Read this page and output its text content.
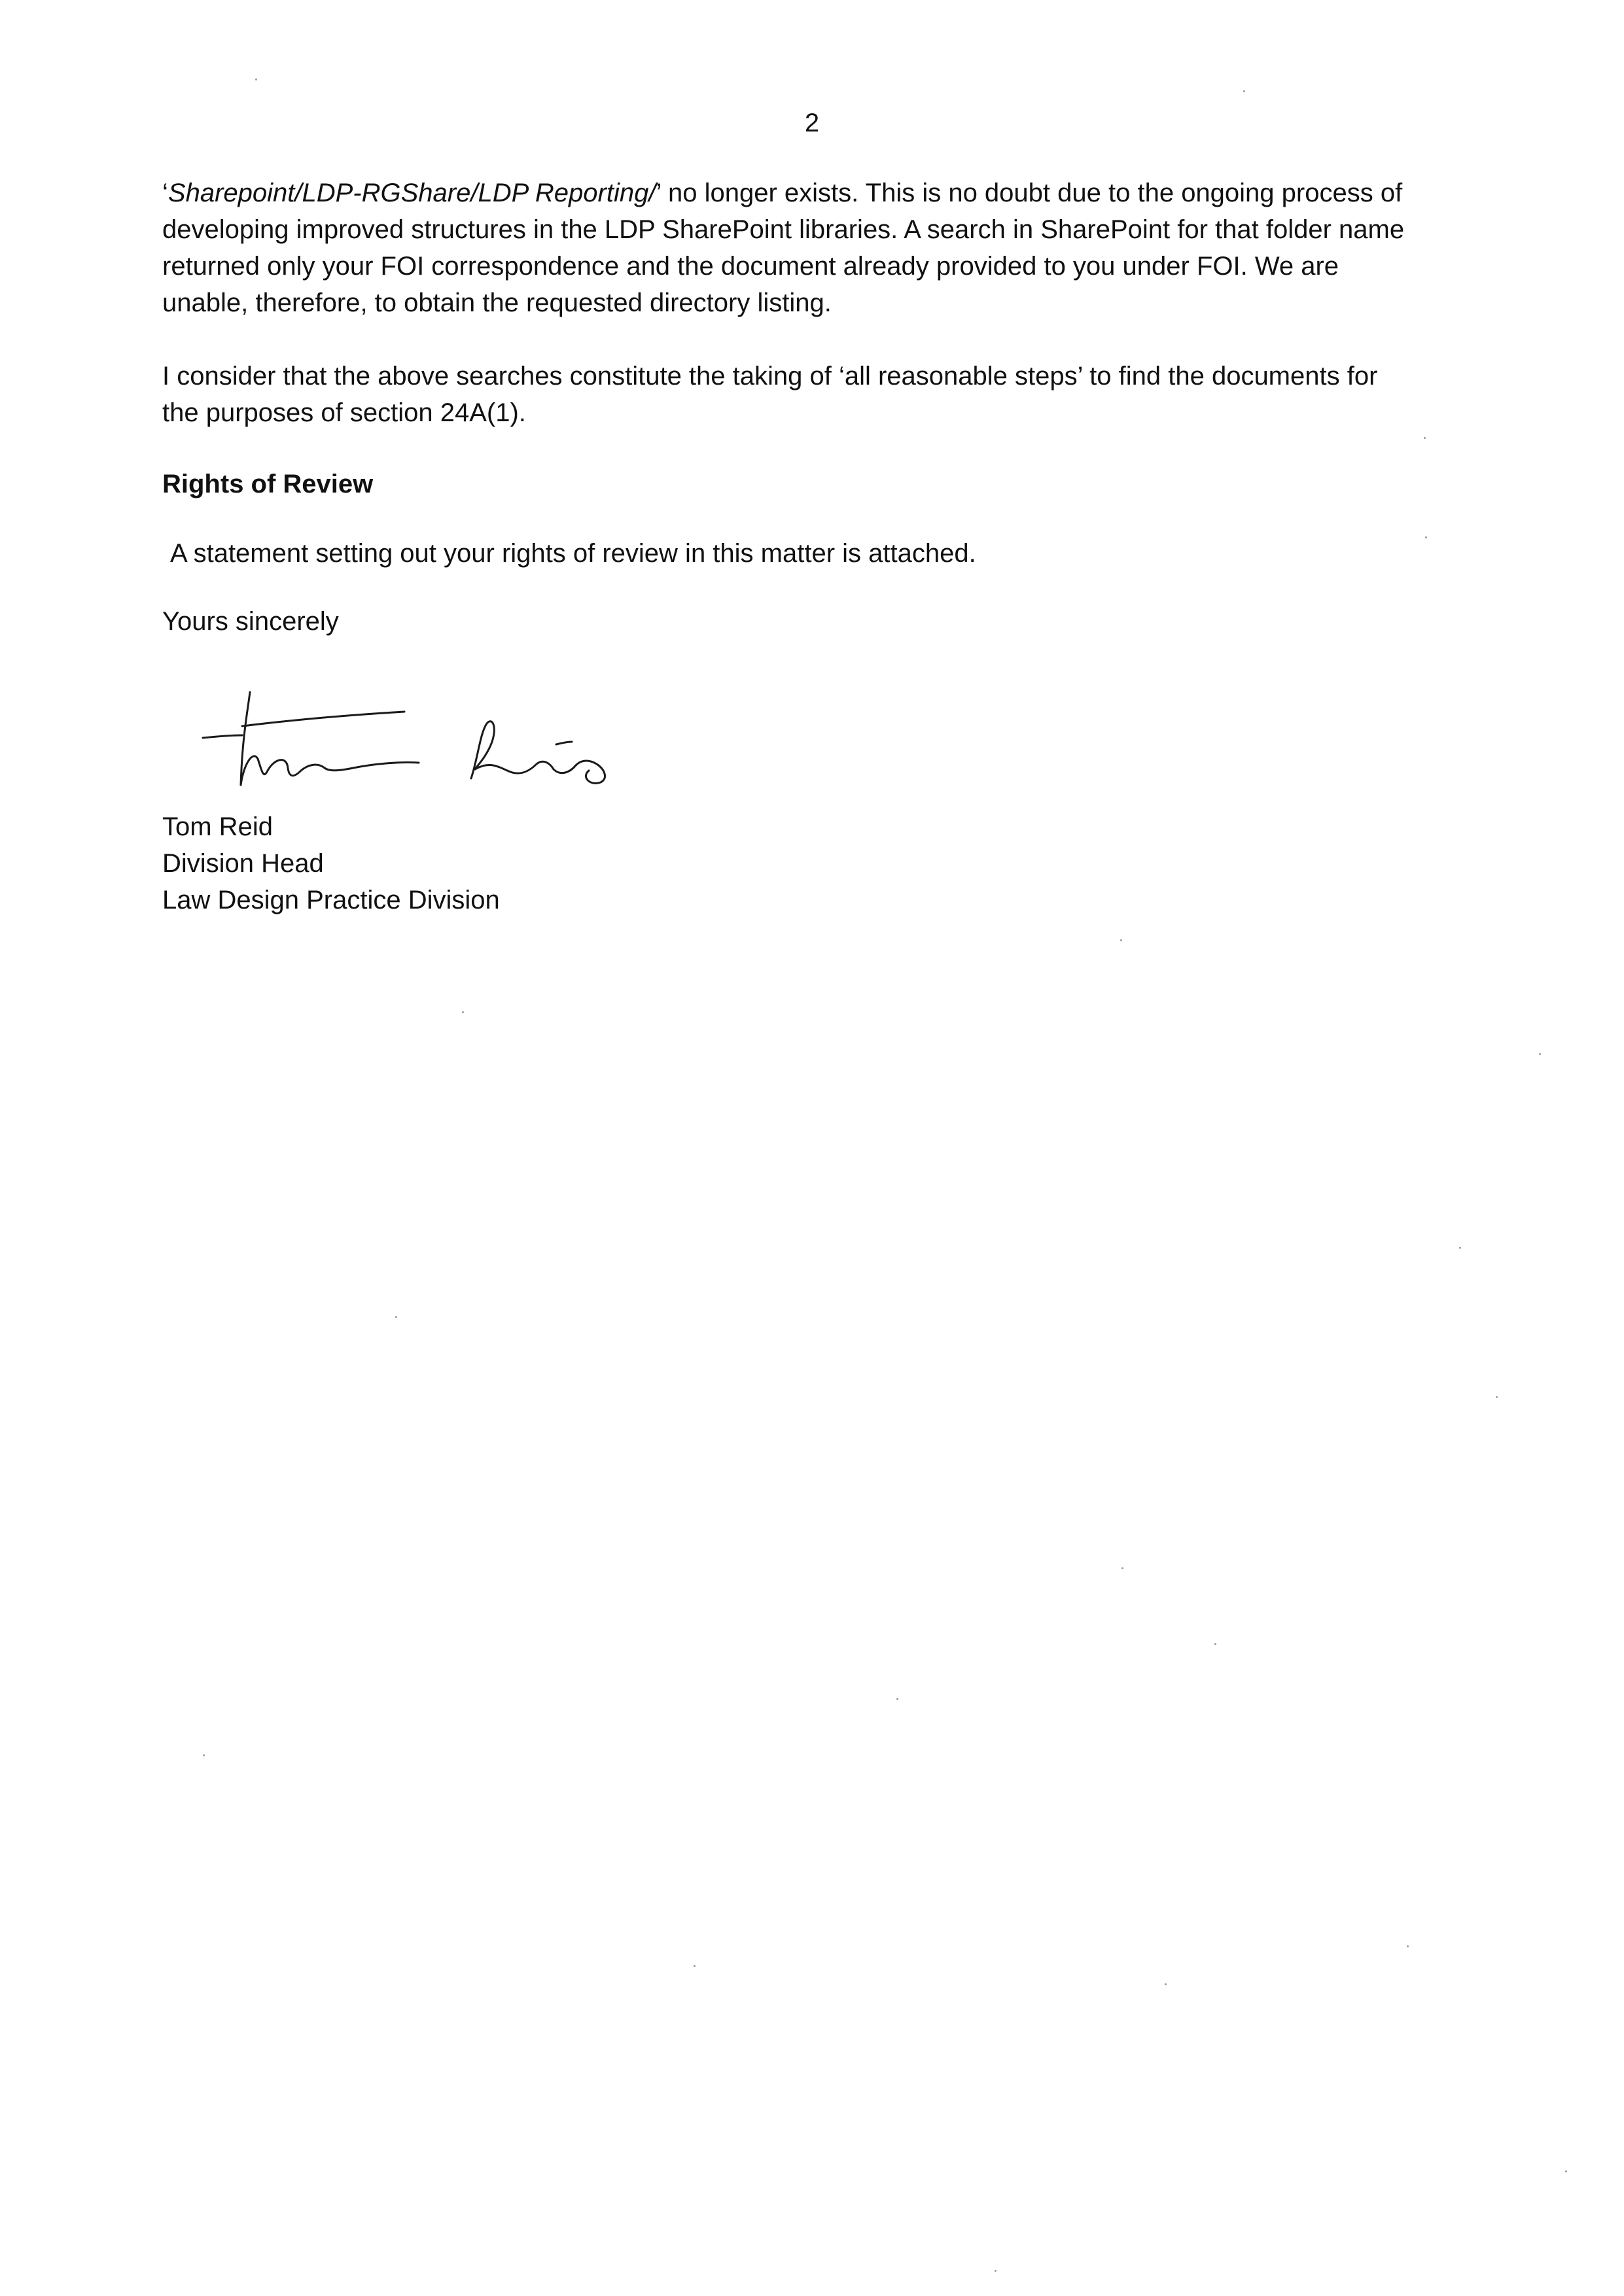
2

‘Sharepoint/LDP-RGShare/LDP Reporting/’ no longer exists. This is no doubt due to the ongoing process of
developing improved structures in the LDP SharePoint libraries. A search in SharePoint for that folder name
returned only your FOI correspondence and the document already provided to you under FOI. We are
unable, therefore, to obtain the requested directory listing.

I consider that the above searches constitute the taking of ‘all reasonable steps’ to find the documents for
the purposes of section 24A(1).

Rights of Review

A statement setting out your rights of review in this matter is attached.

Yours sincerely

Tom Reid
Division Head
Law Design Practice Division
